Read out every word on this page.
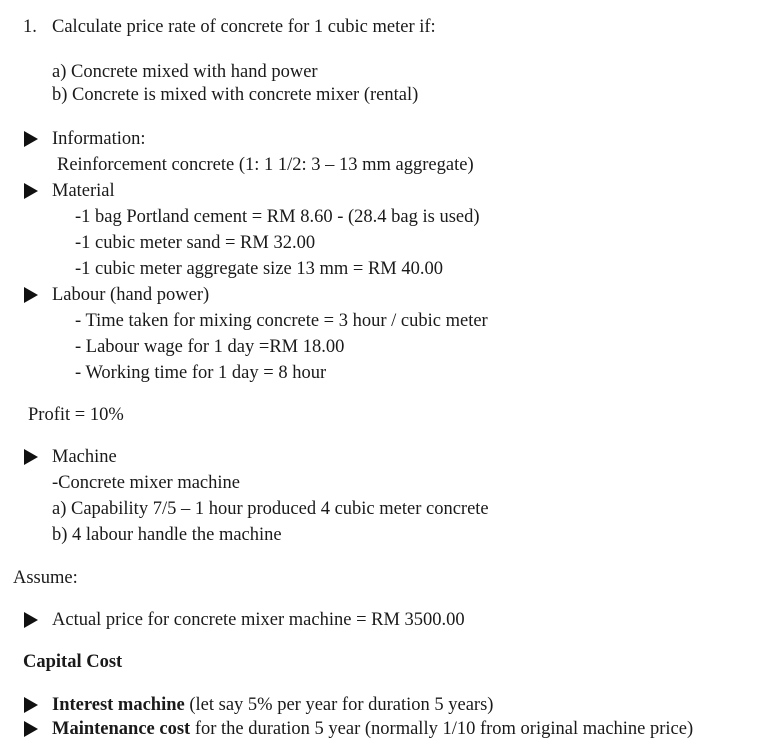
1. Calculate price rate of concrete for 1 cubic meter if:
a) Concrete mixed with hand power
b) Concrete is mixed with concrete mixer (rental)
Information:
Reinforcement concrete (1: 1 1/2: 3 – 13 mm aggregate)
Material
-1 bag Portland cement = RM 8.60 - (28.4 bag is used)
-1 cubic meter sand = RM 32.00
-1 cubic meter aggregate size 13 mm = RM 40.00
Labour (hand power)
- Time taken for mixing concrete = 3 hour / cubic meter
- Labour wage for 1 day =RM 18.00
- Working time for 1 day = 8 hour
Profit = 10%
Machine
-Concrete mixer machine
a) Capability 7/5 – 1 hour produced 4 cubic meter concrete
b) 4 labour handle the machine
Assume:
Actual price for concrete mixer machine = RM 3500.00
Capital Cost
Interest machine (let say 5% per year for duration 5 years)
Maintenance cost for the duration 5 year (normally 1/10 from original machine price)
